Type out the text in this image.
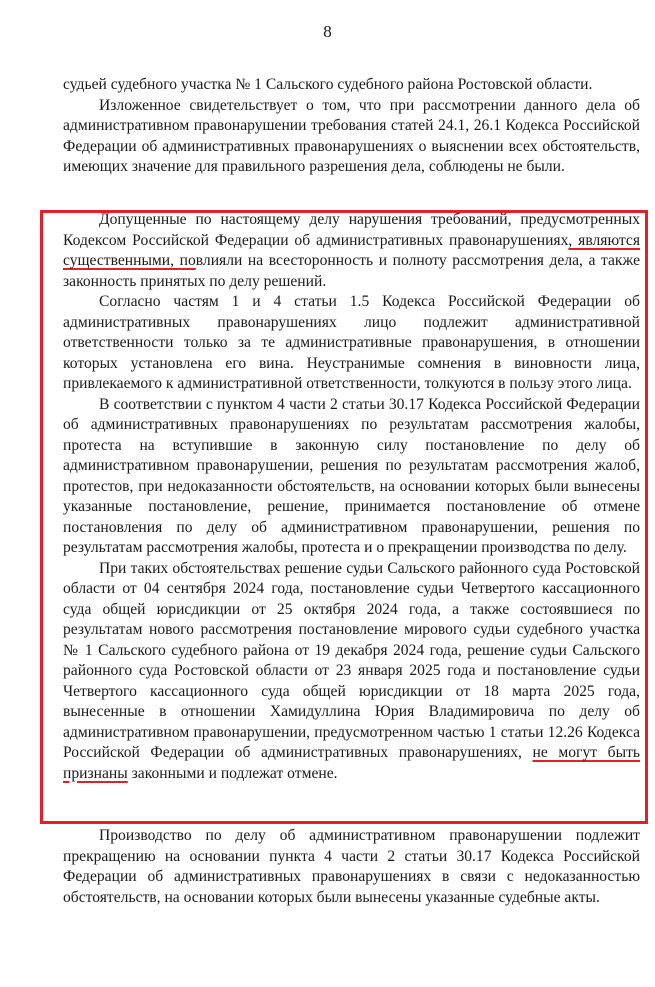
8

судьей судебного участка № 1 Сальского судебного района Ростовской области.

Изложенное свидетельствует о том, что при рассмотрении данного дела об административном правонарушении требования статей 24.1, 26.1 Кодекса Российской Федерации об административных правонарушениях о выяснении всех обстоятельств, имеющих значение для правильного разрешения дела, соблюдены не были.

Допущенные по настоящему делу нарушения требований, предусмотренных Кодексом Российской Федерации об административных правонарушениях, являются существенными, повлияли на всесторонность и полноту рассмотрения дела, а также законность принятых по делу решений.

Согласно частям 1 и 4 статьи 1.5 Кодекса Российской Федерации об административных правонарушениях лицо подлежит административной ответственности только за те административные правонарушения, в отношении которых установлена его вина. Неустранимые сомнения в виновности лица, привлекаемого к административной ответственности, толкуются в пользу этого лица.

В соответствии с пунктом 4 части 2 статьи 30.17 Кодекса Российской Федерации об административных правонарушениях по результатам рассмотрения жалобы, протеста на вступившие в законную силу постановление по делу об административном правонарушении, решения по результатам рассмотрения жалоб, протестов, при недоказанности обстоятельств, на основании которых были вынесены указанные постановление, решение, принимается постановление об отмене постановления по делу об административном правонарушении, решения по результатам рассмотрения жалобы, протеста и о прекращении производства по делу.

При таких обстоятельствах решение судьи Сальского районного суда Ростовской области от 04 сентября 2024 года, постановление судьи Четвертого кассационного суда общей юрисдикции от 25 октября 2024 года, а также состоявшиеся по результатам нового рассмотрения постановление мирового судьи судебного участка № 1 Сальского судебного района от 19 декабря 2024 года, решение судьи Сальского районного суда Ростовской области от 23 января 2025 года и постановление судьи Четвертого кассационного суда общей юрисдикции от 18 марта 2025 года, вынесенные в отношении Хамидуллина Юрия Владимировича по делу об административном правонарушении, предусмотренном частью 1 статьи 12.26 Кодекса Российской Федерации об административных правонарушениях, не могут быть признаны законными и подлежат отмене.

Производство по делу об административном правонарушении подлежит прекращению на основании пункта 4 части 2 статьи 30.17 Кодекса Российской Федерации об административных правонарушениях в связи с недоказанностью обстоятельств, на основании которых были вынесены указанные судебные акты.
